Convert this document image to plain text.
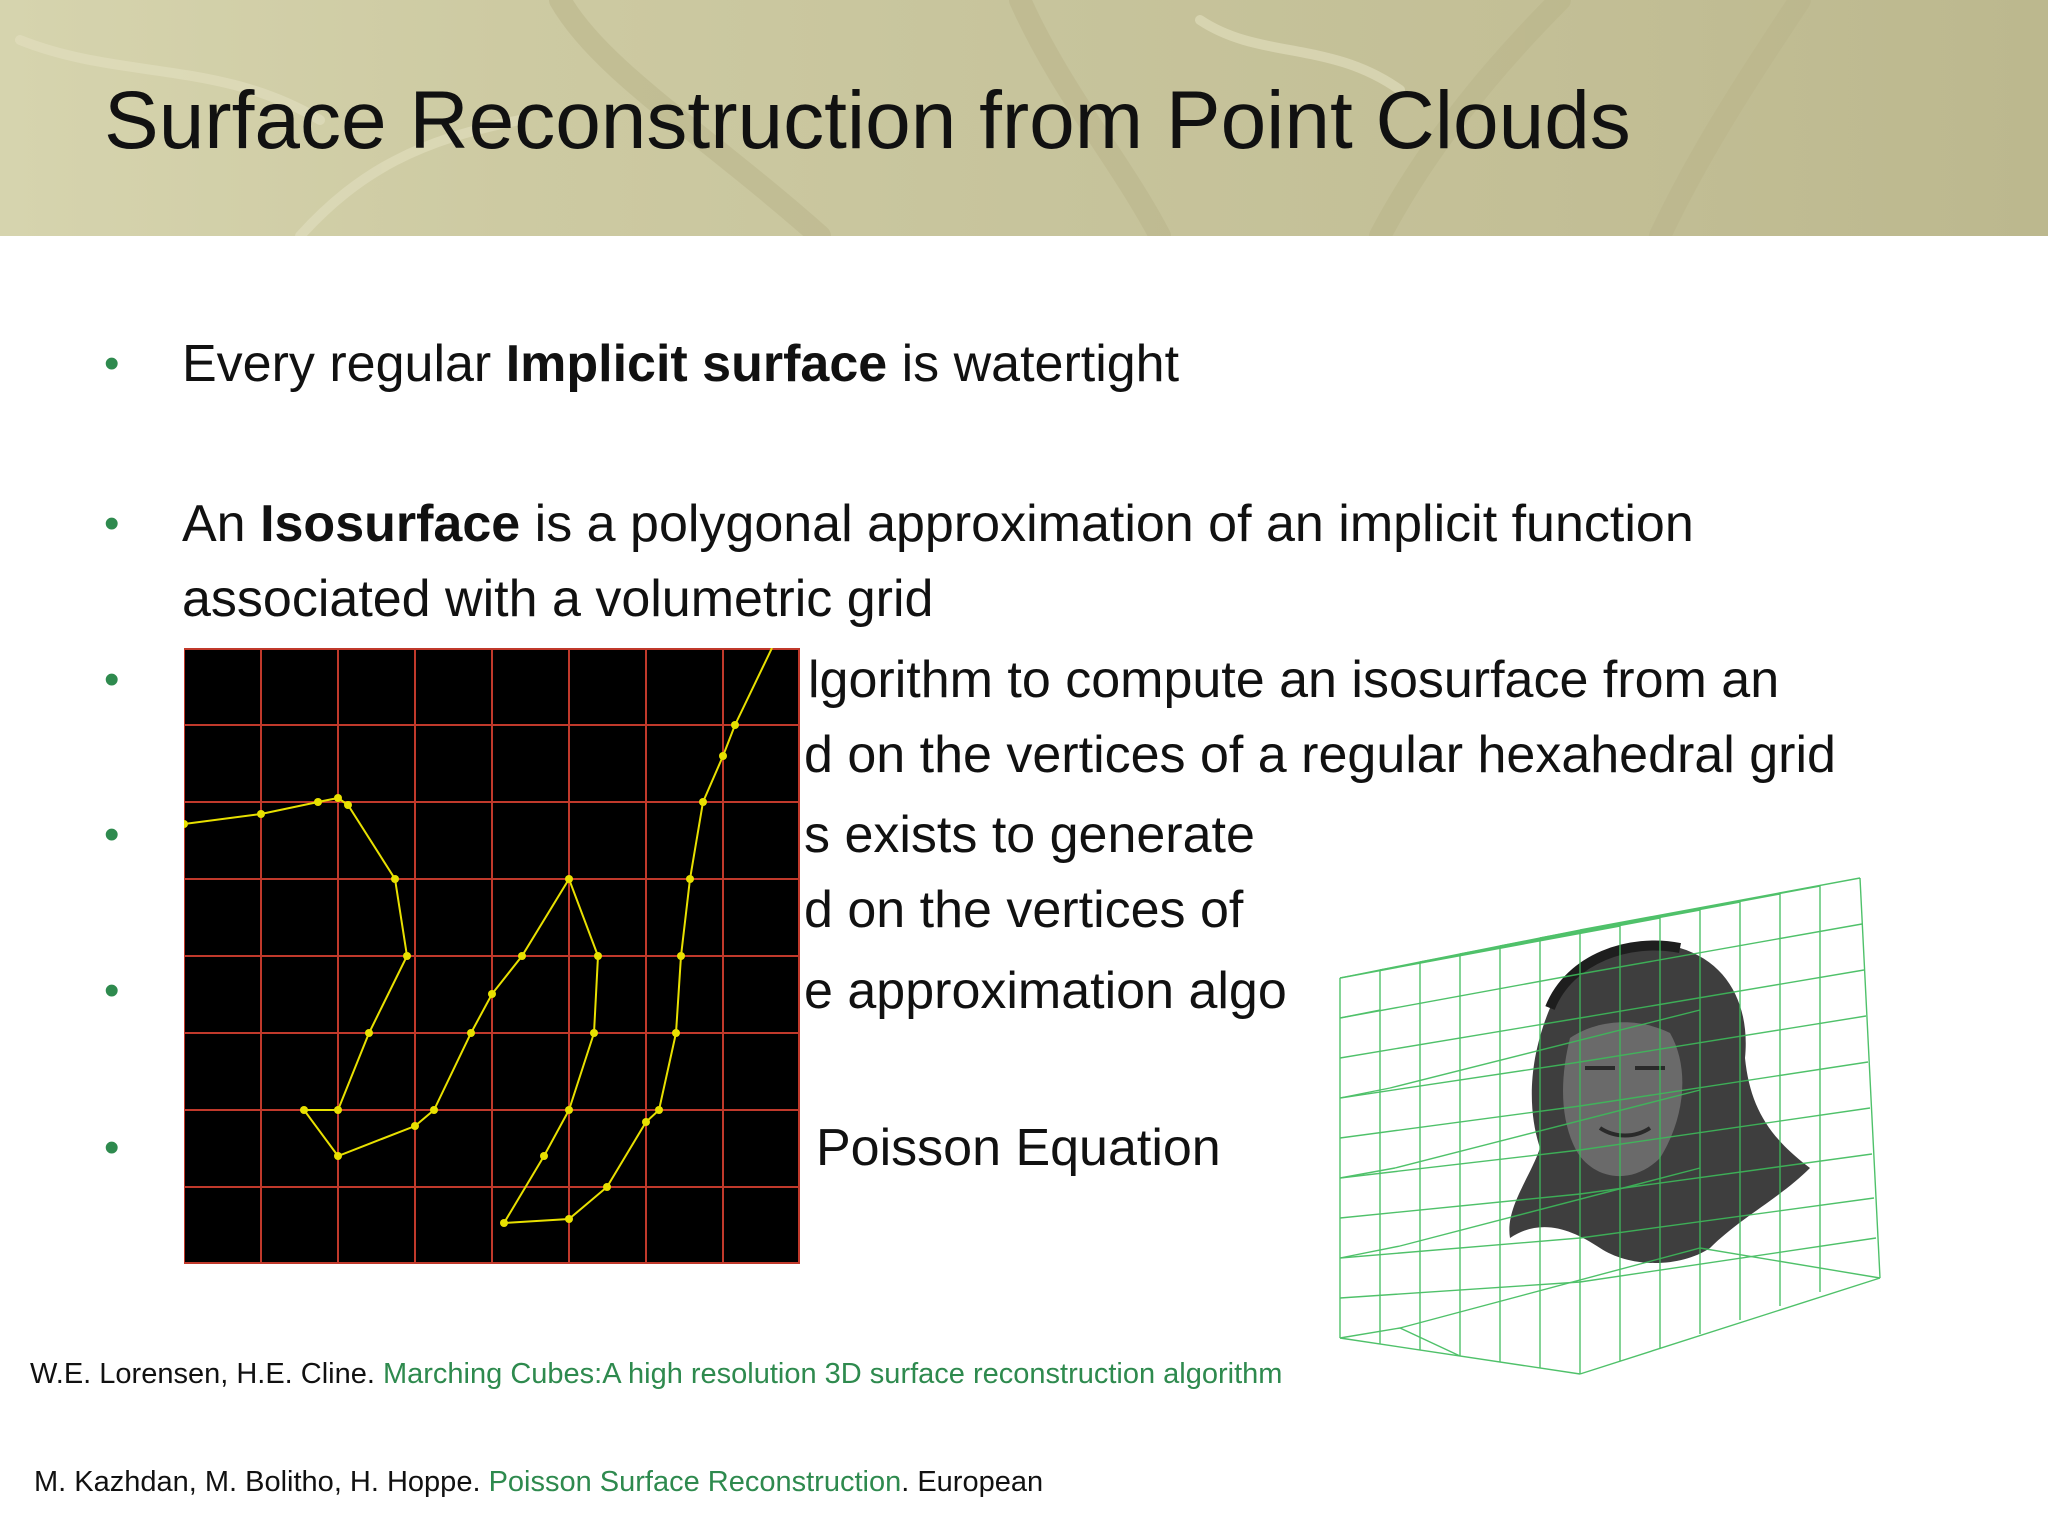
Surface Reconstruction from Point Clouds
• Every regular Implicit surface is watertight
• An Isosurface is a polygonal approximation of an implicit function
associated with a volumetric grid
•	lgorithm to compute an isosurface from an
d on the vertices of a regular hexahedral grid
•	s exists to generate
d on the vertices of
•	e approximation algo
•	Poisson Equation
W.E. Lorensen, H.E. Cline. Marching Cubes:A high resolution 3D surface reconstruction algorithm
M. Kazhdan, M. Bolitho, H. Hoppe. Poisson Surface Reconstruction. European
